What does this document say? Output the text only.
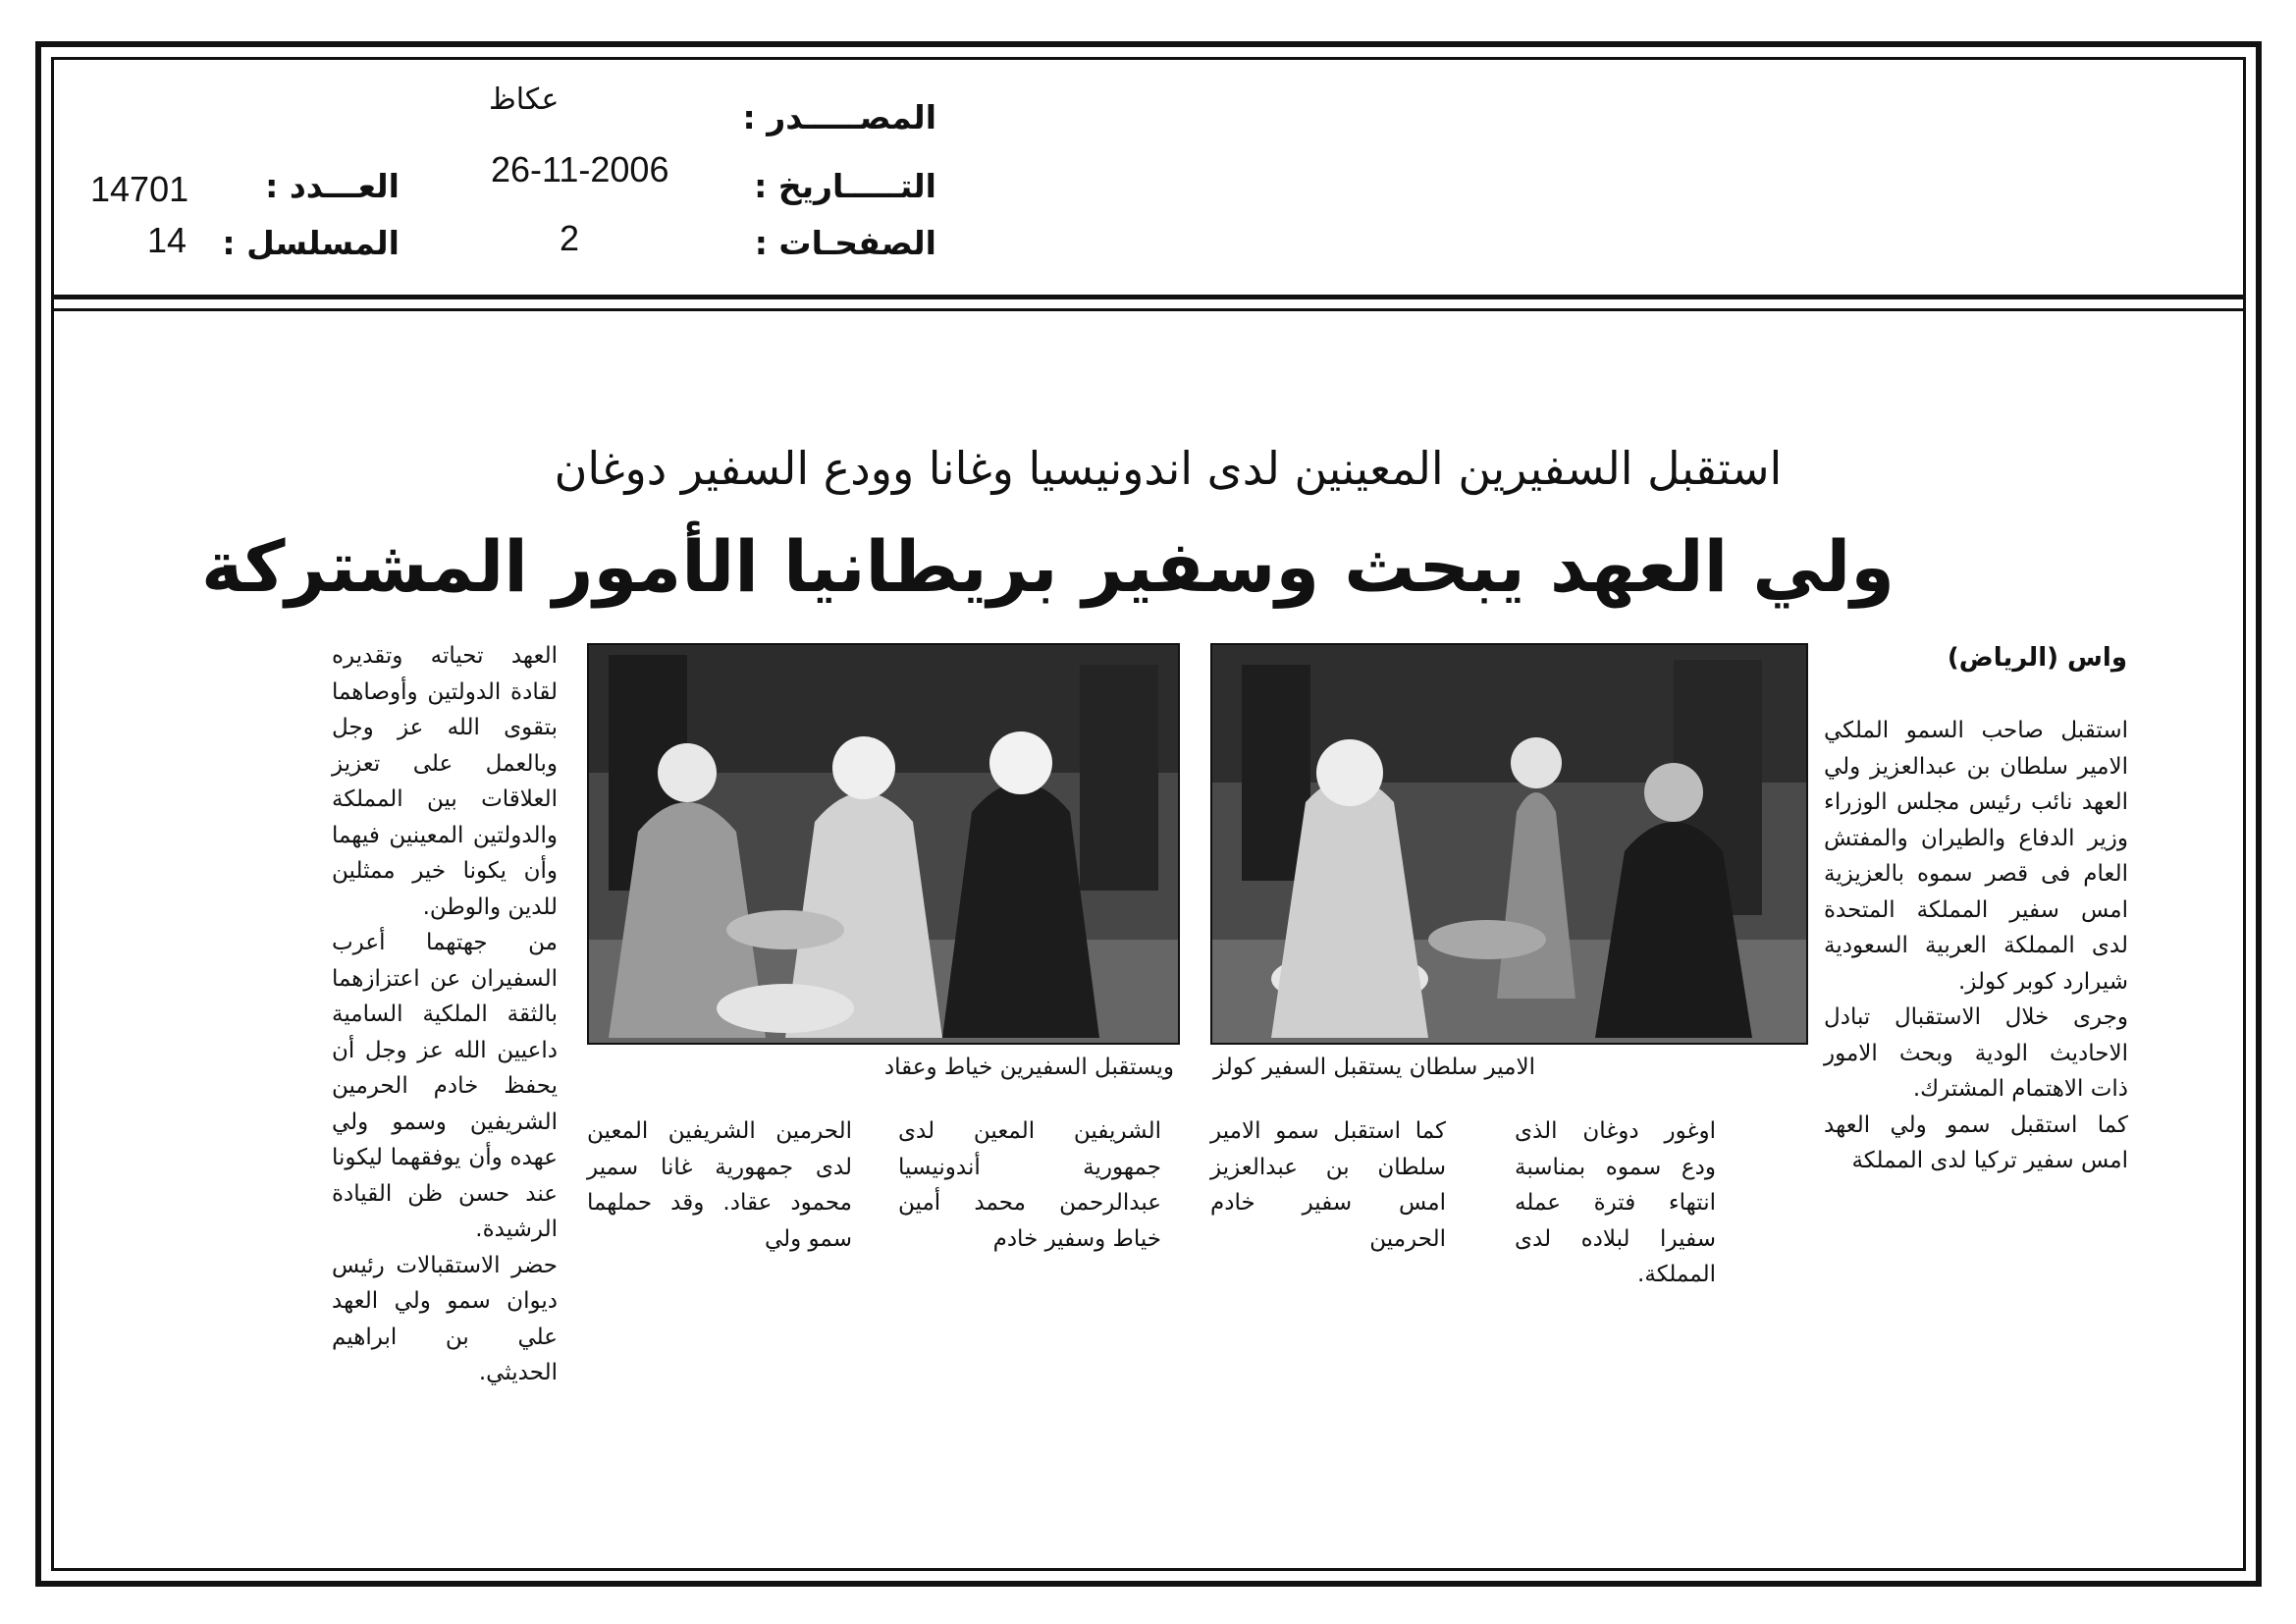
المصـــــدر :
عكاظ
التـــــاريخ :
26-11-2006
الصفحـات :
2
العـــدد :
14701
المسلسل :
14
استقبل السفيرين المعينين لدى اندونيسيا وغانا وودع السفير دوغان
ولي العهد يبحث وسفير بريطانيا الأمور المشتركة
واس (الرياض)

استقبل صاحب السمو الملكي الامير سلطان بن عبدالعزيز ولي العهد نائب رئيس مجلس الوزراء وزير الدفاع والطيران والمفتش العام فى قصر سموه بالعزيزية امس سفير المملكة المتحدة لدى المملكة العربية السعودية شيرارد كوبر كولز.

وجرى خلال الاستقبال تبادل الاحاديث الودية وبحث الامور ذات الاهتمام المشترك.

كما استقبل سمو ولي العهد امس سفير تركيا لدى المملكة

الامير سلطان يستقبل السفير كولز
ويستقبل السفيرين خياط وعقاد
اوغور دوغان الذى ودع سموه بمناسبة انتهاء فترة عمله سفيرا لبلاده لدى المملكة.
كما استقبل سمو الامير سلطان بن عبدالعزيز امس سفير خادم الحرمين
الشريفين المعين لدى جمهورية أندونيسيا عبدالرحمن محمد أمين خياط وسفير خادم
الحرمين الشريفين المعين لدى جمهورية غانا سمير محمود عقاد. وقد حملهما سمو ولي

العهد تحياته وتقديره لقادة الدولتين وأوصاهما بتقوى الله عز وجل وبالعمل على تعزيز العلاقات بين المملكة والدولتين المعينين فيهما وأن يكونا خير ممثلين للدين والوطن.

من جهتهما أعرب السفيران عن اعتزازهما بالثقة الملكية السامية داعيين الله عز وجل أن يحفظ خادم الحرمين الشريفين وسمو ولي عهده وأن يوفقهما ليكونا عند حسن ظن القيادة الرشيدة.

حضر الاستقبالات رئيس ديوان سمو ولي العهد علي بن ابراهيم الحديثي.
